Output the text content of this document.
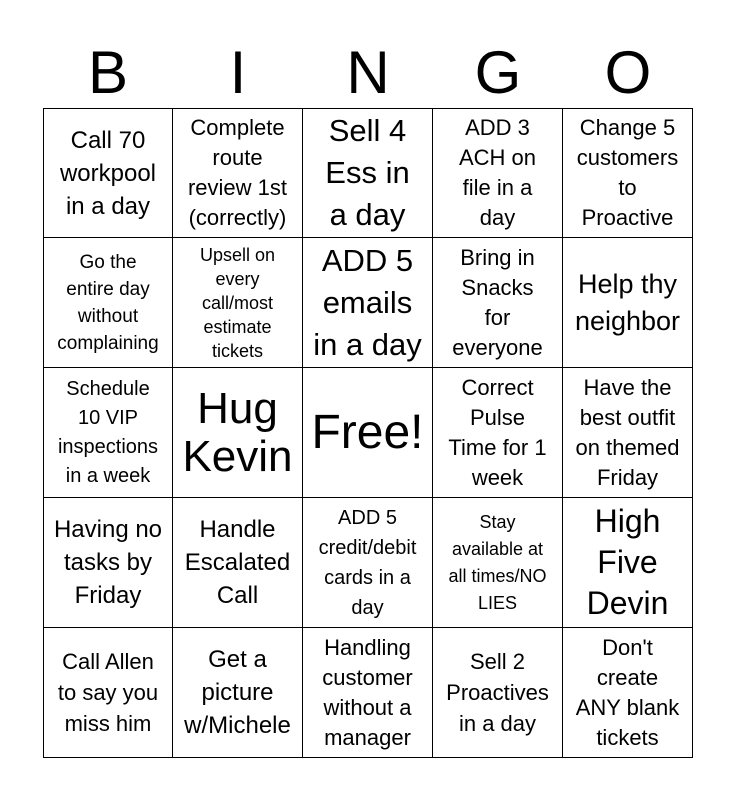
B	I	N	G	O
Call 70
workpool
in a day
Complete
route
review 1st
(correctly)
Sell 4
Ess in
a day
ADD 3
ACH on
file in a
day
Change 5
customers
to
Proactive
Go the
entire day
without
complaining
Upsell on
every
call/most
estimate
tickets
ADD 5
emails
in a day
Bring in
Snacks
for
everyone
Help thy
neighbor
Schedule
10 VIP
inspections
in a week
Hug
Kevin Free!
Correct
Pulse
Time for 1
week
Have the
best outfit
on themed
Friday
Having no
tasks by
Friday
Handle
Escalated
Call
ADD 5
credit/debit
cards in a
day
Stay
available at
all times/NO
LIES
High
Five
Devin
Call Allen
to say you
miss him
Get a
picture
w/Michele
Handling
customer
without a
manager
Sell 2
Proactives
in a day
Don't
create
ANY blank
tickets
